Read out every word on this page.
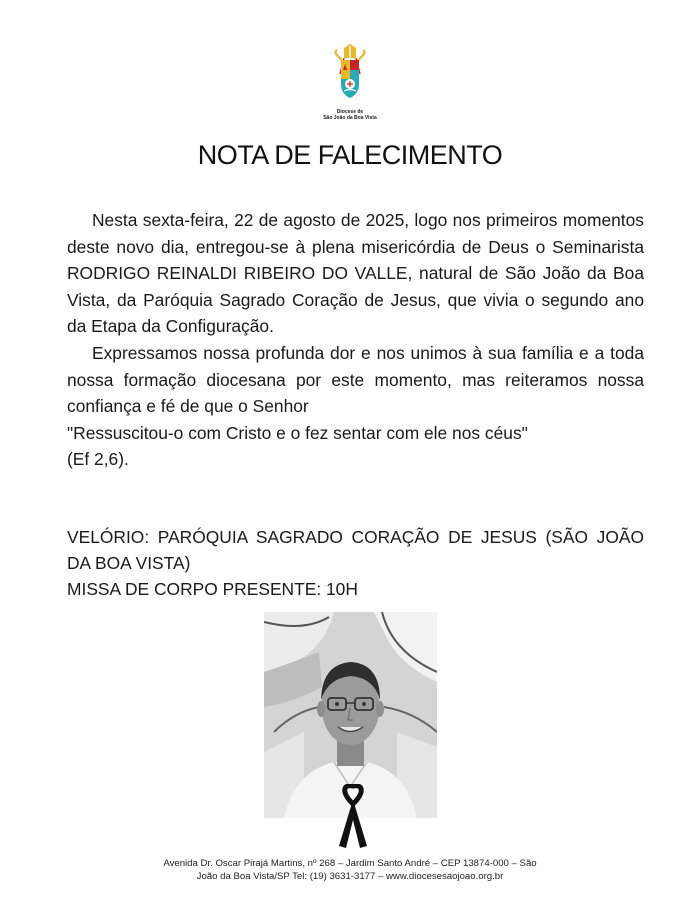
Diocese de
São João da Boa Vista
NOTA DE FALECIMENTO

Nesta sexta-feira, 22 de agosto de 2025, logo nos primeiros momentos deste novo dia, entregou-se à plena misericórdia de Deus o Seminarista RODRIGO REINALDI RIBEIRO DO VALLE, natural de São João da Boa Vista, da Paróquia Sagrado Coração de Jesus, que vivia o segundo ano da Etapa da Configuração.

Expressamos nossa profunda dor e nos unimos à sua família e a toda nossa formação diocesana por este momento, mas reiteramos nossa confiança e fé de que o Senhor

"Ressuscitou-o com Cristo e o fez sentar com ele nos céus"

(Ef 2,6).

VELÓRIO: PARÓQUIA SAGRADO CORAÇÃO DE JESUS (SÃO JOÃO DA BOA VISTA)

MISSA DE CORPO PRESENTE: 10H

Avenida Dr. Oscar Pirajá Martins, nº 268 – Jardim Santo André – CEP 13874-000 – São

João da Boa Vista/SP Tel: (19) 3631-3177 – www.diocesesaojoao.org.br
